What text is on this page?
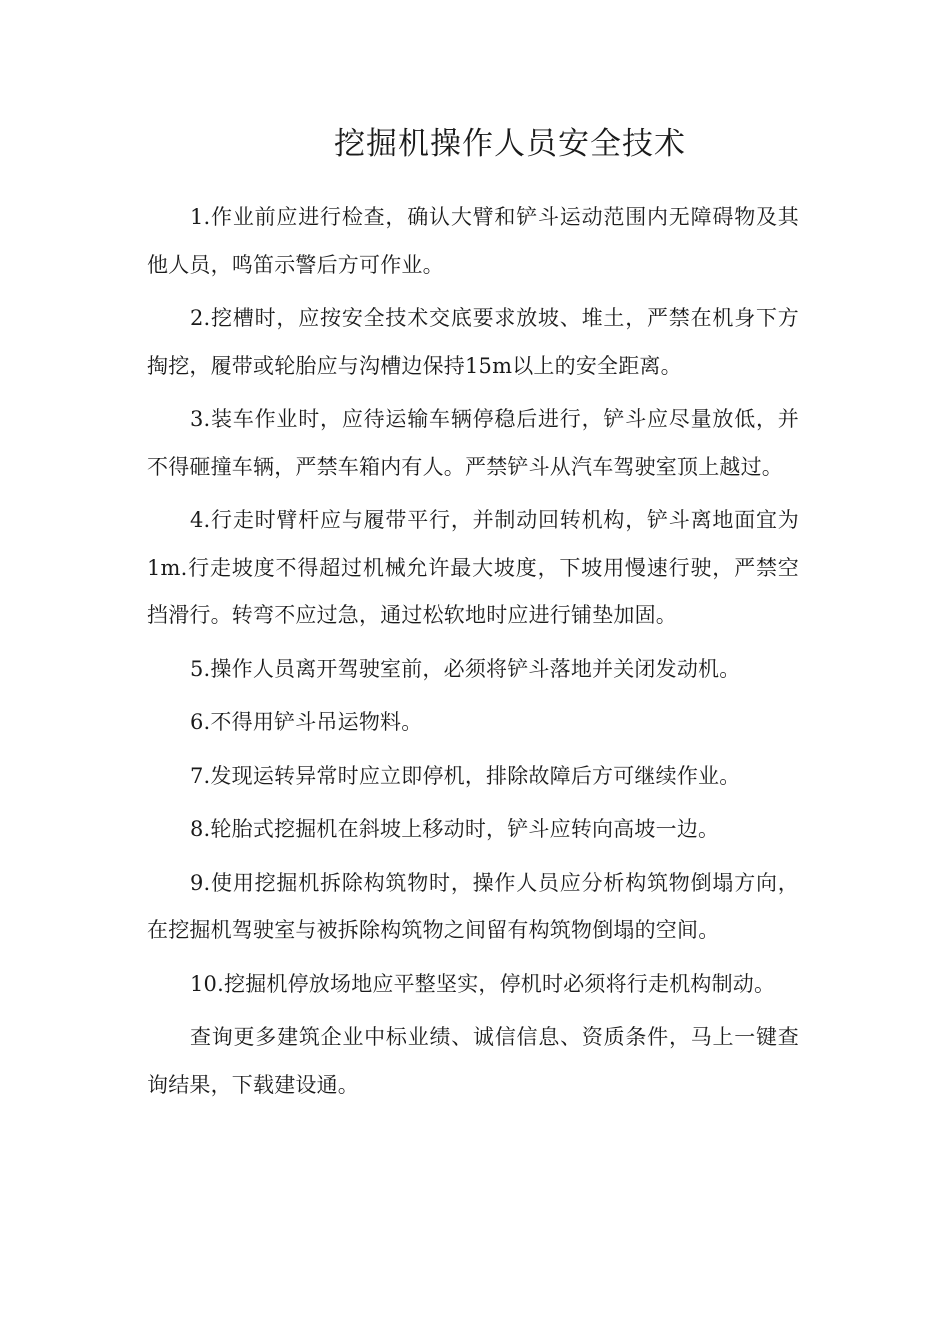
挖掘机操作人员安全技术

1.作业前应进行检查，确认大臂和铲斗运动范围内无障碍物及其他人员，鸣笛示警后方可作业。

2.挖槽时，应按安全技术交底要求放坡、堆土，严禁在机身下方掏挖，履带或轮胎应与沟槽边保持15m以上的安全距离。

3.装车作业时，应待运输车辆停稳后进行，铲斗应尽量放低，并不得砸撞车辆，严禁车箱内有人。严禁铲斗从汽车驾驶室顶上越过。

4.行走时臂杆应与履带平行，并制动回转机构，铲斗离地面宜为1m.行走坡度不得超过机械允许最大坡度，下坡用慢速行驶，严禁空挡滑行。转弯不应过急，通过松软地时应进行铺垫加固。

5.操作人员离开驾驶室前，必须将铲斗落地并关闭发动机。

6.不得用铲斗吊运物料。

7.发现运转异常时应立即停机，排除故障后方可继续作业。

8.轮胎式挖掘机在斜坡上移动时，铲斗应转向高坡一边。

9.使用挖掘机拆除构筑物时，操作人员应分析构筑物倒塌方向，在挖掘机驾驶室与被拆除构筑物之间留有构筑物倒塌的空间。

10.挖掘机停放场地应平整坚实，停机时必须将行走机构制动。

查询更多建筑企业中标业绩、诚信信息、资质条件，马上一键查询结果，下载建设通。
